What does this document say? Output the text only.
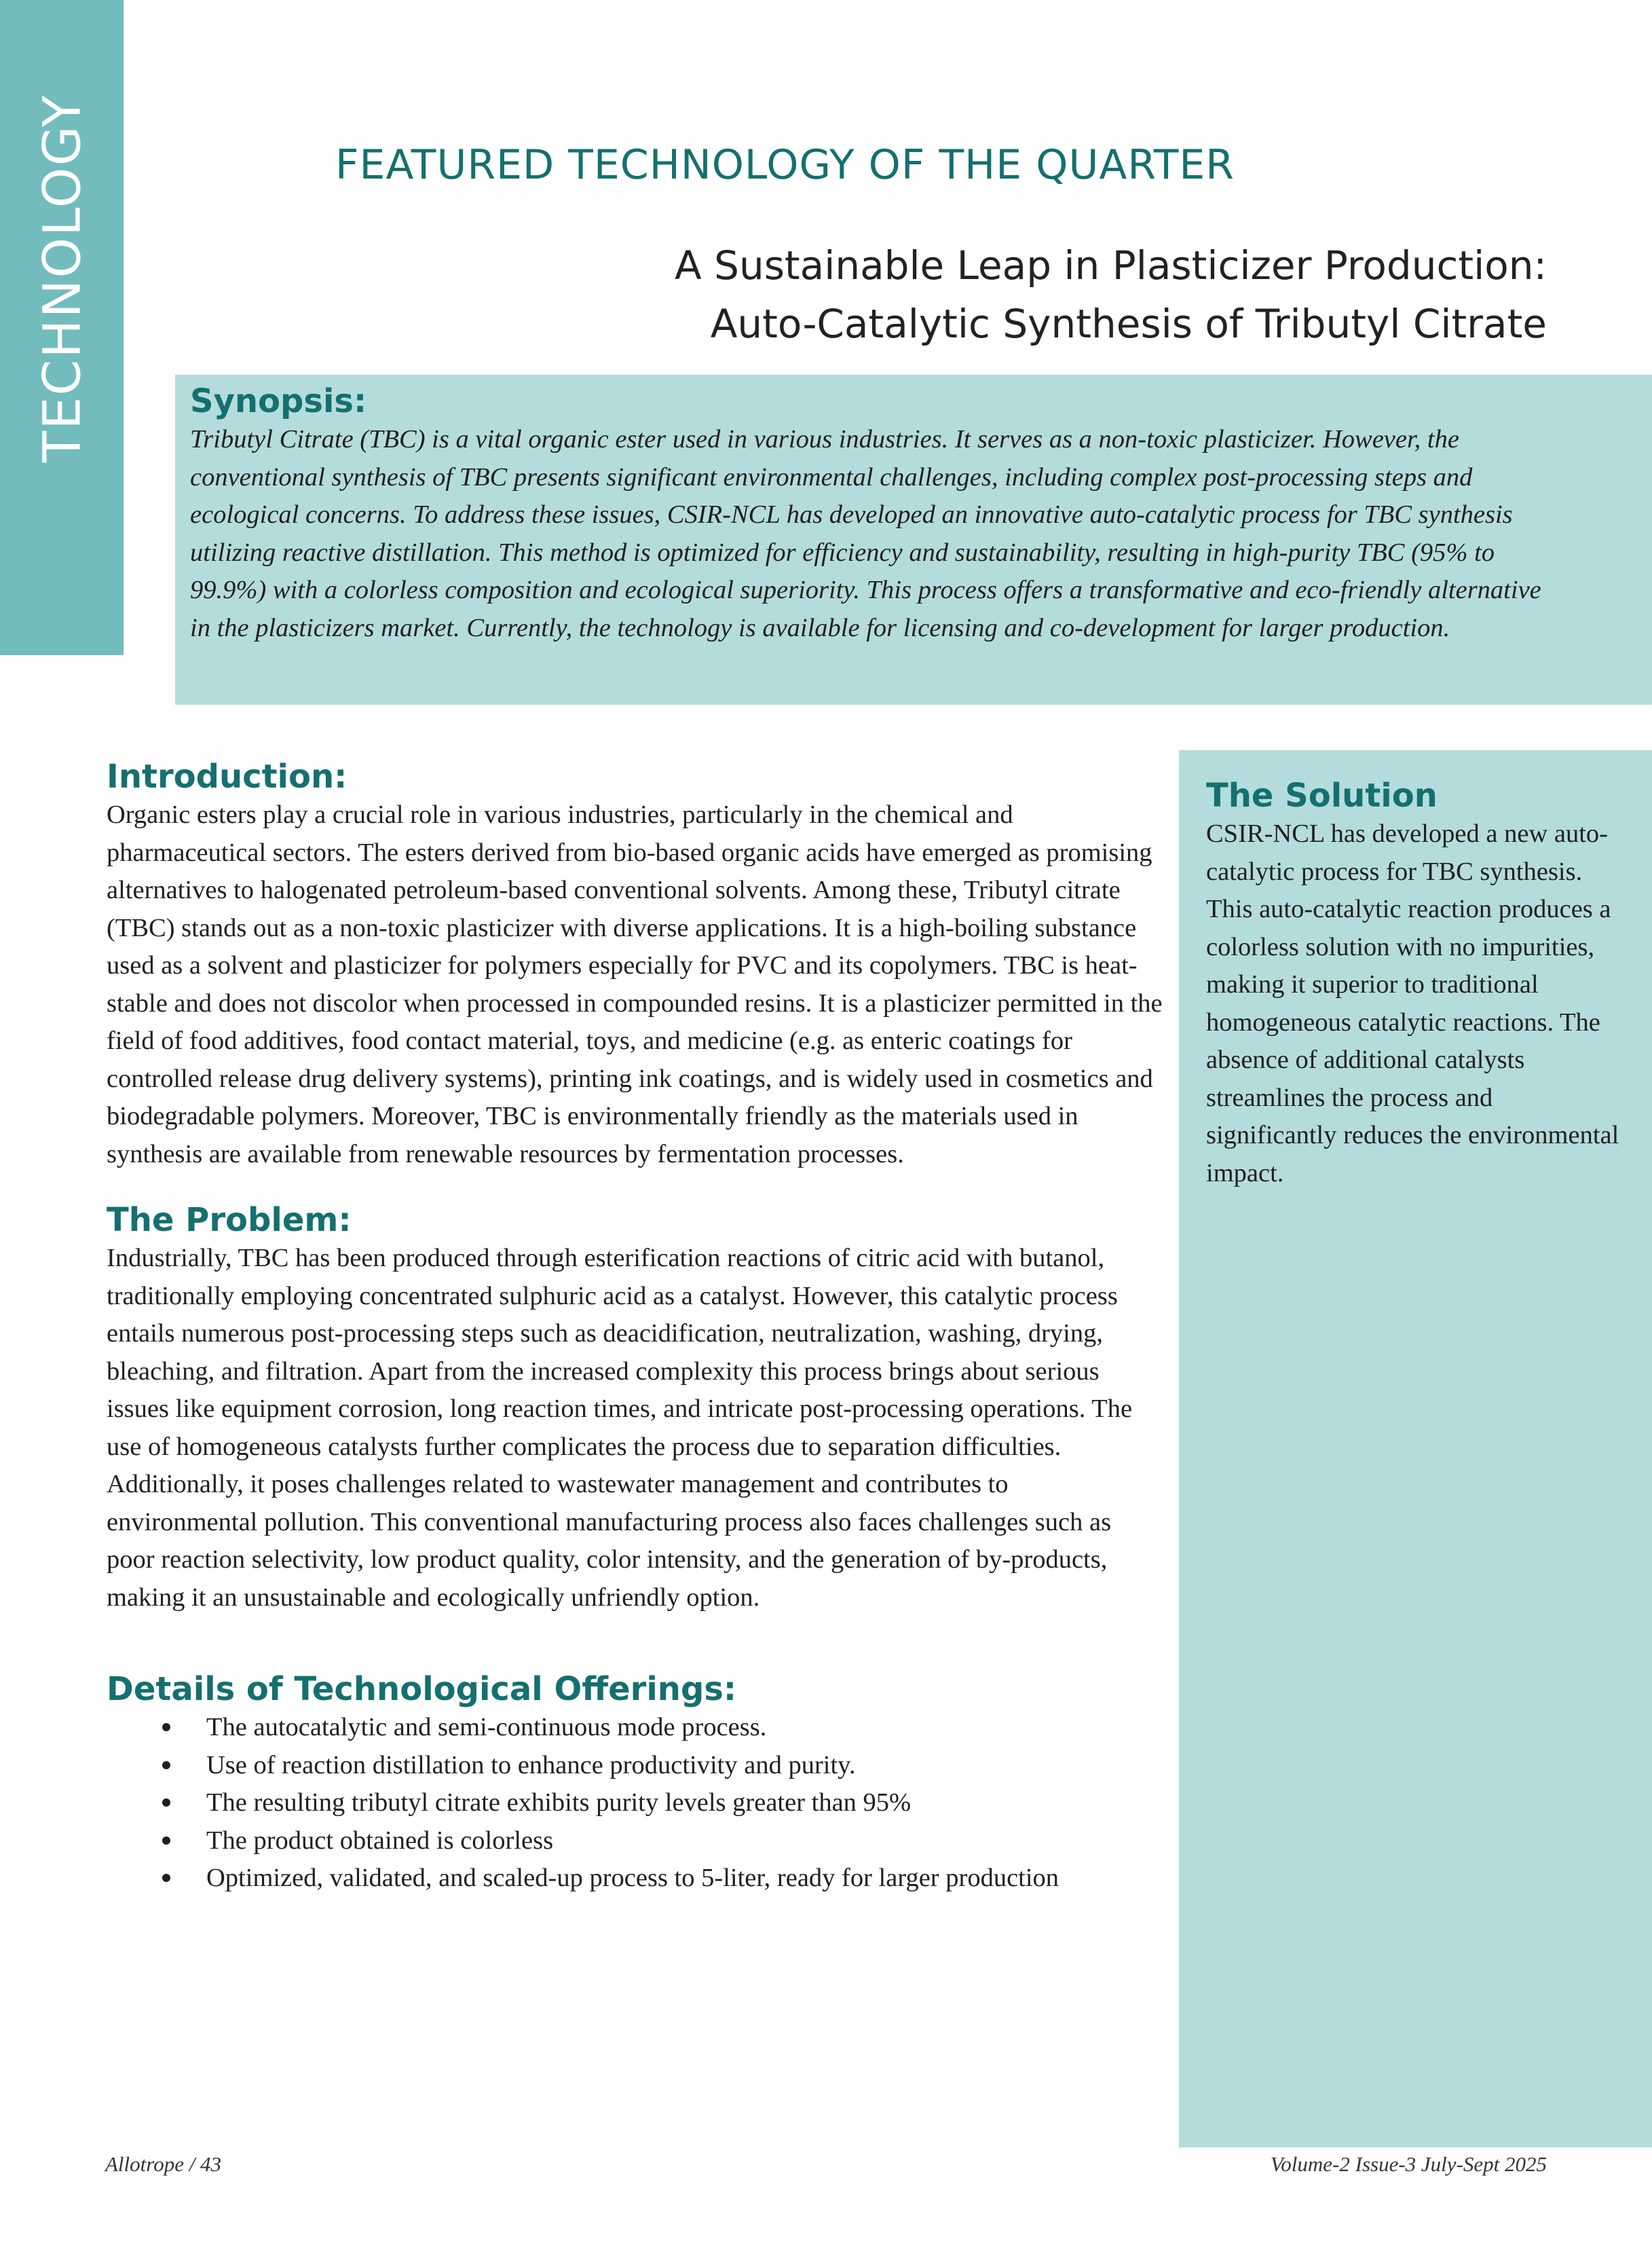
TECHNOLOGY	FEATURED TECHNOLOGY OF THE QUARTER
A Sustainable Leap in Plasticizer Production:
Auto-Catalytic Synthesis of Tributyl Citrate
Synopsis:

Tributyl Citrate (TBC) is a vital organic ester used in various industries. It serves as a non-toxic plasticizer. However, the conventional synthesis of TBC presents significant environmental challenges, including complex post-processing steps and ecological concerns. To address these issues, CSIR-NCL has developed an innovative auto-catalytic process for TBC synthesis utilizing reactive distillation. This method is optimized for efficiency and sustainability, resulting in high-purity TBC (95% to 99.9%) with a colorless composition and ecological superiority. This process offers a transformative and eco-friendly alternative in the plasticizers market. Currently, the technology is available for licensing and co-development for larger production.

Introduction:

Organic esters play a crucial role in various industries, particularly in the chemical and pharmaceutical sectors. The esters derived from bio-based organic acids have emerged as promising alternatives to halogenated petroleum-based conventional solvents. Among these, Tributyl citrate (TBC) stands out as a non-toxic plasticizer with diverse applications. It is a high-boiling substance used as a solvent and plasticizer for polymers especially for PVC and its copolymers. TBC is heat-stable and does not discolor when processed in compounded resins. It is a plasticizer permitted in the field of food additives, food contact material, toys, and medicine (e.g. as enteric coatings for controlled release drug delivery systems), printing ink coatings, and is widely used in cosmetics and biodegradable polymers. Moreover, TBC is environmentally friendly as the materials used in synthesis are available from renewable resources by fermentation processes.

The Problem:

Industrially, TBC has been produced through esterification reactions of citric acid with butanol, traditionally employing concentrated sulphuric acid as a catalyst. However, this catalytic process entails numerous post-processing steps such as deacidification, neutralization, washing, drying, bleaching, and filtration. Apart from the increased complexity this process brings about serious issues like equipment corrosion, long reaction times, and intricate post-processing operations. The use of homogeneous catalysts further complicates the process due to separation difficulties. Additionally, it poses challenges related to wastewater management and contributes to environmental pollution. This conventional manufacturing process also faces challenges such as poor reaction selectivity, low product quality, color intensity, and the generation of by-products, making it an unsustainable and ecologically unfriendly option.

Details of Technological Offerings:
The autocatalytic and semi-continuous mode process.
Use of reaction distillation to enhance productivity and purity.
The resulting tributyl citrate exhibits purity levels greater than 95%
The product obtained is colorless
Optimized, validated, and scaled-up process to 5-liter, ready for larger production
The Solution

CSIR-NCL has developed a new auto-catalytic process for TBC synthesis. This auto-catalytic reaction produces a colorless solution with no impurities, making it superior to traditional homogeneous catalytic reactions. The absence of additional catalysts streamlines the process and significantly reduces the environmental impact.

Allotrope / 43	Volume-2 Issue-3 July-Sept 2025
